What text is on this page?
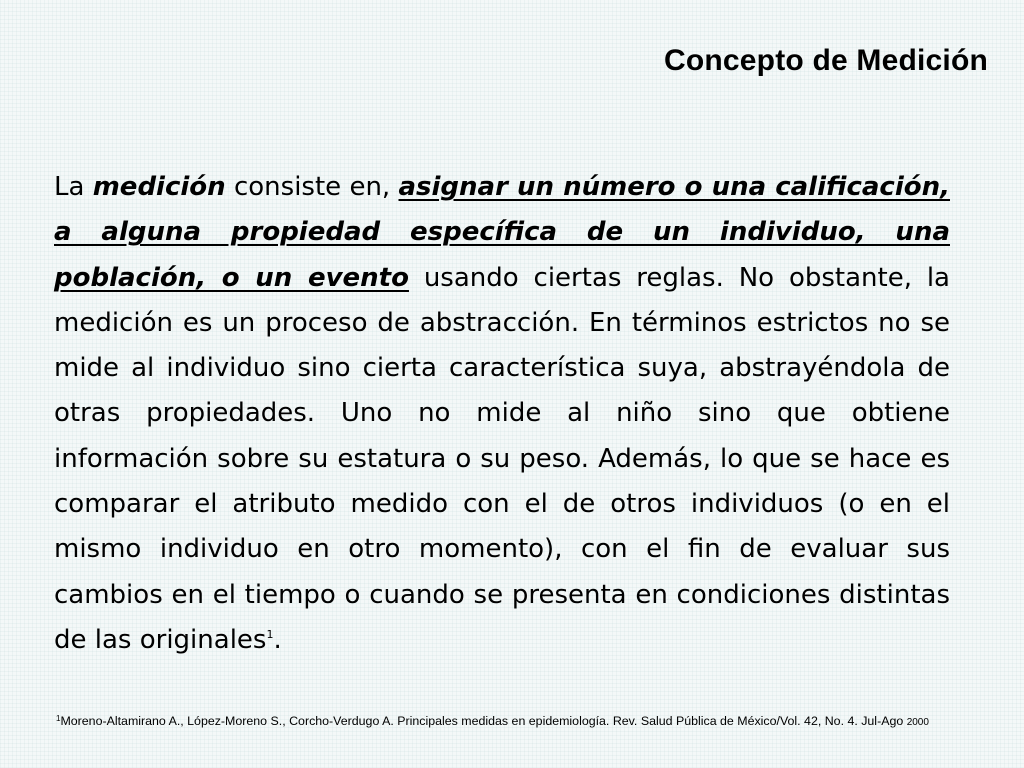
Concepto de Medición

La medición consiste en, asignar un número o una calificación, a alguna propiedad específica de un individuo, una población, o un evento usando ciertas reglas. No obstante, la medición es un proceso de abstracción. En términos estrictos no se mide al individuo sino cierta característica suya, abstrayéndola de otras propiedades. Uno no mide al niño sino que obtiene información sobre su estatura o su peso. Además, lo que se hace es comparar el atributo medido con el de otros individuos (o en el mismo individuo en otro momento), con el fin de evaluar sus cambios en el tiempo o cuando se presenta en condiciones distintas de las originales$^1$.

$^1$Moreno-Altamirano A., López-Moreno S., Corcho-Verdugo A. Principales medidas en epidemiología. Rev. Salud Pública de México/Vol. 42, No. 4. Jul-Ago 2000
